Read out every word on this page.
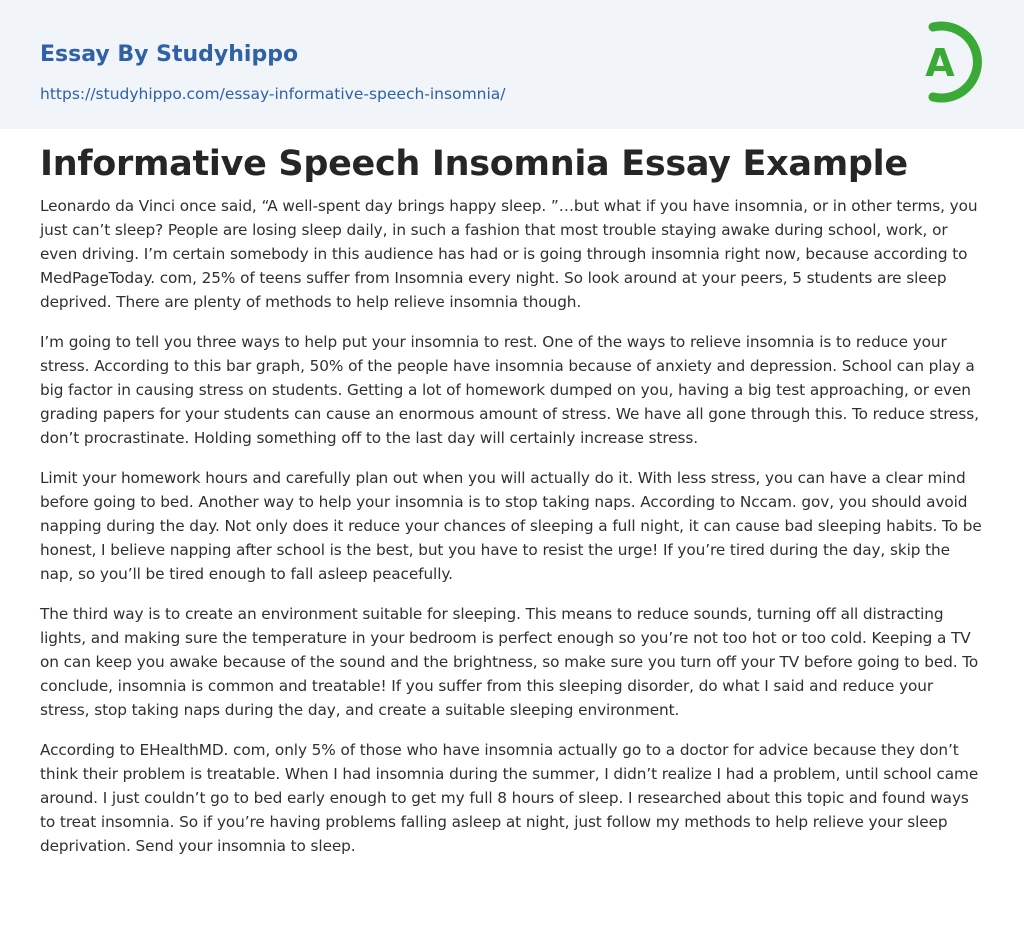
Essay By Studyhippo
https://studyhippo.com/essay-informative-speech-insomnia/
A
Informative Speech Insomnia Essay Example

Leonardo da Vinci once said, “A well-spent day brings happy sleep. ”…but what if you have insomnia, or in other terms, you just can’t sleep? People are losing sleep daily, in such a fashion that most trouble staying awake during school, work, or even driving. I’m certain somebody in this audience has had or is going through insomnia right now, because according to MedPageToday. com, 25% of teens suffer from Insomnia every night. So look around at your peers, 5 students are sleep deprived. There are plenty of methods to help relieve insomnia though.

I’m going to tell you three ways to help put your insomnia to rest. One of the ways to relieve insomnia is to reduce your stress. According to this bar graph, 50% of the people have insomnia because of anxiety and depression. School can play a big factor in causing stress on students. Getting a lot of homework dumped on you, having a big test approaching, or even grading papers for your students can cause an enormous amount of stress. We have all gone through this. To reduce stress, don’t procrastinate. Holding something off to the last day will certainly increase stress.

Limit your homework hours and carefully plan out when you will actually do it. With less stress, you can have a clear mind before going to bed. Another way to help your insomnia is to stop taking naps. According to Nccam. gov, you should avoid napping during the day. Not only does it reduce your chances of sleeping a full night, it can cause bad sleeping habits. To be honest, I believe napping after school is the best, but you have to resist the urge! If you’re tired during the day, skip the nap, so you’ll be tired enough to fall asleep peacefully.

The third way is to create an environment suitable for sleeping. This means to reduce sounds, turning off all distracting lights, and making sure the temperature in your bedroom is perfect enough so you’re not too hot or too cold. Keeping a TV on can keep you awake because of the sound and the brightness, so make sure you turn off your TV before going to bed. To conclude, insomnia is common and treatable! If you suffer from this sleeping disorder, do what I said and reduce your stress, stop taking naps during the day, and create a suitable sleeping environment.

According to EHealthMD. com, only 5% of those who have insomnia actually go to a doctor for advice because they don’t think their problem is treatable. When I had insomnia during the summer, I didn’t realize I had a problem, until school came around. I just couldn’t go to bed early enough to get my full 8 hours of sleep. I researched about this topic and found ways to treat insomnia. So if you’re having problems falling asleep at night, just follow my methods to help relieve your sleep deprivation. Send your insomnia to sleep.
